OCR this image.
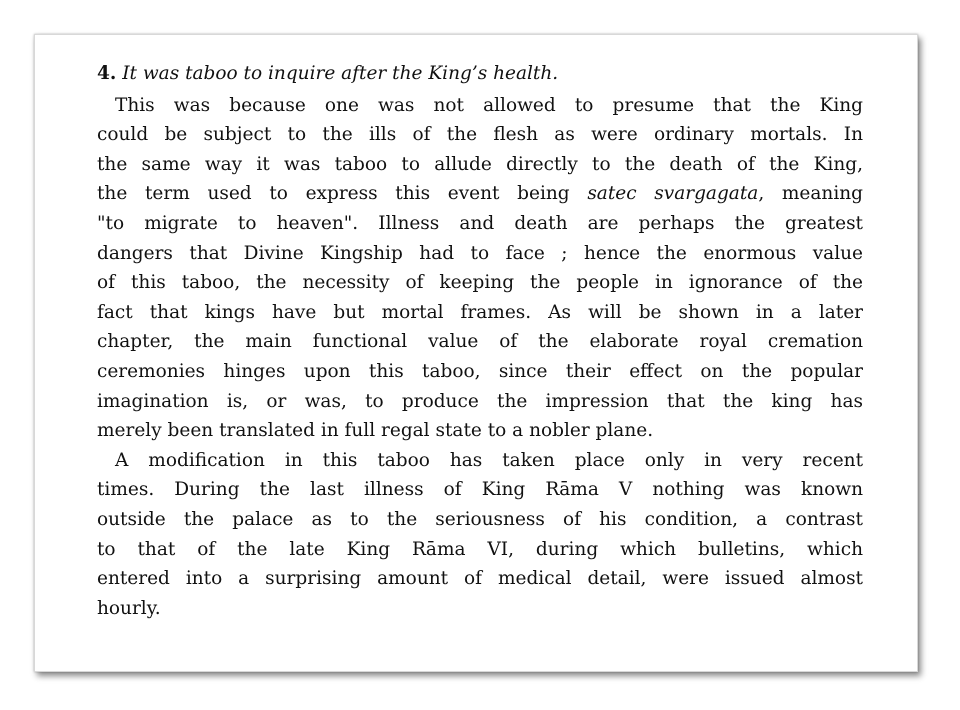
4. It was taboo to inquire after the King’s health.
This was because one was not allowed to presume that the King
could be subject to the ills of the flesh as were ordinary mortals. In
the same way it was taboo to allude directly to the death of the King,
the term used to express this event being satec svargagata, meaning
"to migrate to heaven". Illness and death are perhaps the greatest
dangers that Divine Kingship had to face ; hence the enormous value
of this taboo, the necessity of keeping the people in ignorance of the
fact that kings have but mortal frames. As will be shown in a later
chapter, the main functional value of the elaborate royal cremation
ceremonies hinges upon this taboo, since their effect on the popular
imagination is, or was, to produce the impression that the king has
merely been translated in full regal state to a nobler plane.
A modification in this taboo has taken place only in very recent
times. During the last illness of King Rāma V nothing was known
outside the palace as to the seriousness of his condition, a contrast
to that of the late King Rāma VI, during which bulletins, which
entered into a surprising amount of medical detail, were issued almost
hourly.
